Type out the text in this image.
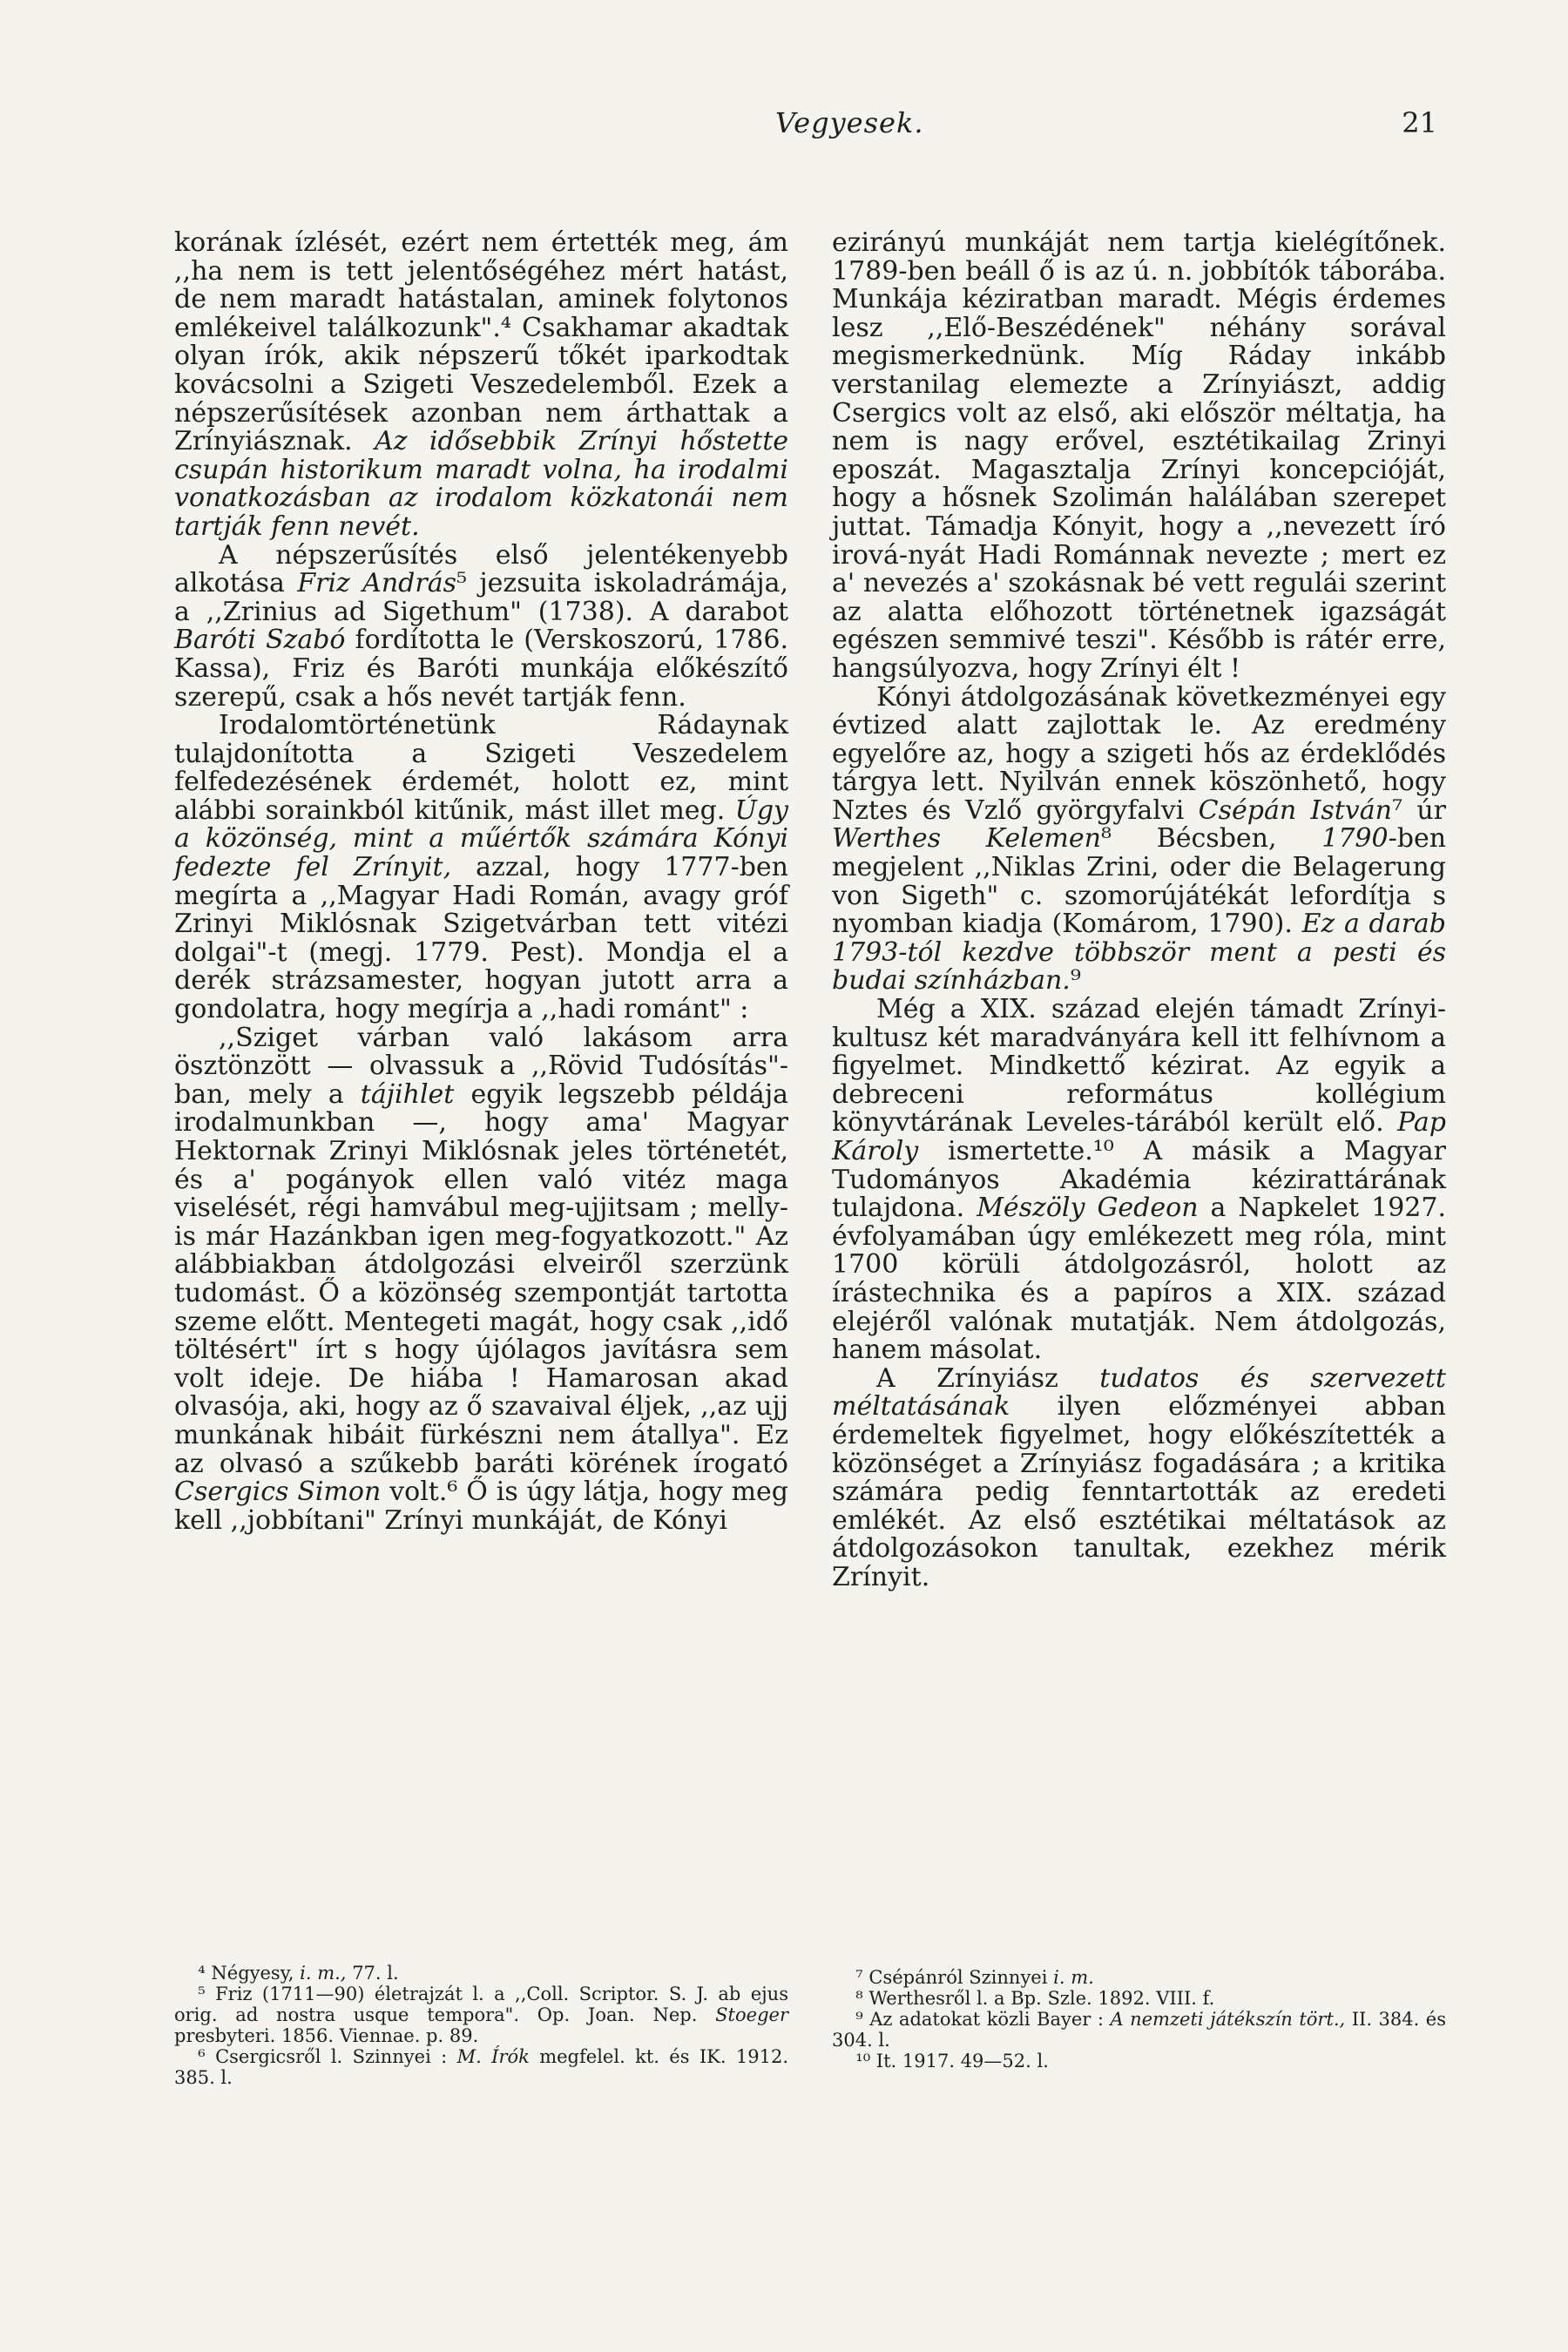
Vegyesek.	21

korának ízlését, ezért nem értették meg, ám ,,ha nem is tett jelentőségéhez mért hatást, de nem maradt hatástalan, aminek folytonos emlékeivel találkozunk".⁴ Csakhamar akadtak olyan írók, akik népszerű tőkét iparkodtak kovácsolni a Szigeti Veszedelemből. Ezek a népszerűsítések azonban nem árthattak a Zrínyiásznak. Az idősebbik Zrínyi hőstette csupán historikum maradt volna, ha irodalmi vonatkozásban az irodalom közkatonái nem tartják fenn nevét.

A népszerűsítés első jelentékenyebb alkotása Friz András⁵ jezsuita iskoladrámája, a ,,Zrinius ad Sigethum" (1738). A darabot Baróti Szabó fordította le (Verskoszorú, 1786. Kassa), Friz és Baróti munkája előkészítő szerepű, csak a hős nevét tartják fenn.

Irodalomtörténetünk Rádaynak tulajdonította a Szigeti Veszedelem felfedezésének érdemét, holott ez, mint alábbi sorainkból kitűnik, mást illet meg. Úgy a közönség, mint a műértők számára Kónyi fedezte fel Zrínyit, azzal, hogy 1777-ben megírta a ,,Magyar Hadi Román, avagy gróf Zrinyi Miklósnak Szigetvárban tett vitézi dolgai"-t (megj. 1779. Pest). Mondja el a derék strázsamester, hogyan jutott arra a gondolatra, hogy megírja a ,,hadi románt" :

,,Sziget várban való lakásom arra ösztönzött — olvassuk a ,,Rövid Tudósítás"-ban, mely a tájihlet egyik legszebb példája irodalmunkban —, hogy ama' Magyar Hektornak Zrinyi Miklósnak jeles történetét, és a' pogányok ellen való vitéz maga viselését, régi hamvábul meg-ujjitsam ; melly-is már Hazánkban igen meg-fogyatkozott." Az alábbiakban átdolgozási elveiről szerzünk tudomást. Ő a közönség szempontját tartotta szeme előtt. Mentegeti magát, hogy csak ,,idő töltésért" írt s hogy újólagos javításra sem volt ideje. De hiába ! Hamarosan akad olvasója, aki, hogy az ő szavaival éljek, ,,az ujj munkának hibáit fürkészni nem átallya". Ez az olvasó a szűkebb baráti körének írogató Csergics Simon volt.⁶ Ő is úgy látja, hogy meg kell ,,jobbítani" Zrínyi munkáját, de Kónyi

ezirányú munkáját nem tartja kielégítőnek. 1789-ben beáll ő is az ú. n. jobbítók táborába. Munkája kéziratban maradt. Mégis érdemes lesz ,,Elő-Beszédének" néhány sorával megismerkednünk. Míg Ráday inkább verstanilag elemezte a Zrínyiászt, addig Csergics volt az első, aki először méltatja, ha nem is nagy erővel, esztétikailag Zrinyi eposzát. Magasztalja Zrínyi koncepcióját, hogy a hősnek Szolimán halálában szerepet juttat. Támadja Kónyit, hogy a ,,nevezett író irová-nyát Hadi Románnak nevezte ; mert ez a' nevezés a' szokásnak bé vett regulái szerint az alatta előhozott történetnek igazságát egészen semmivé teszi". Később is rátér erre, hangsúlyozva, hogy Zrínyi élt !

Kónyi átdolgozásának következményei egy évtized alatt zajlottak le. Az eredmény egyelőre az, hogy a szigeti hős az érdeklődés tárgya lett. Nyilván ennek köszönhető, hogy Nztes és Vzlő györgyfalvi Csépán István⁷ úr Werthes Kelemen⁸ Bécsben, 1790-ben megjelent ,,Niklas Zrini, oder die Belagerung von Sigeth" c. szomorújátékát lefordítja s nyomban kiadja (Komárom, 1790). Ez a darab 1793-tól kezdve többször ment a pesti és budai színházban.⁹

Még a XIX. század elején támadt Zrínyi-kultusz két maradványára kell itt felhívnom a figyelmet. Mindkettő kézirat. Az egyik a debreceni református kollégium könyvtárának Leveles-tárából került elő. Pap Károly ismertette.¹⁰ A másik a Magyar Tudományos Akadémia kézirattárának tulajdona. Mészöly Gedeon a Napkelet 1927. évfolyamában úgy emlékezett meg róla, mint 1700 körüli átdolgozásról, holott az írástechnika és a papíros a XIX. század elejéről valónak mutatják. Nem átdolgozás, hanem másolat.

A Zrínyiász tudatos és szervezett méltatásának ilyen előzményei abban érdemeltek figyelmet, hogy előkészítették a közönséget a Zrínyiász fogadására ; a kritika számára pedig fenntartották az eredeti emlékét. Az első esztétikai méltatások az átdolgozásokon tanultak, ezekhez mérik Zrínyit.

⁴ Négyesy, i. m., 77. l.

⁵ Friz (1711—90) életrajzát l. a ,,Coll. Scriptor. S. J. ab ejus orig. ad nostra usque tempora". Op. Joan. Nep. Stoeger presbyteri. 1856. Viennae. p. 89.

⁶ Csergicsről l. Szinnyei : M. Írók megfelel. kt. és IK. 1912. 385. l.

⁷ Csépánról Szinnyei i. m.

⁸ Werthesről l. a Bp. Szle. 1892. VIII. f.

⁹ Az adatokat közli Bayer : A nemzeti játékszín tört., II. 384. és 304. l.

¹⁰ It. 1917. 49—52. l.
